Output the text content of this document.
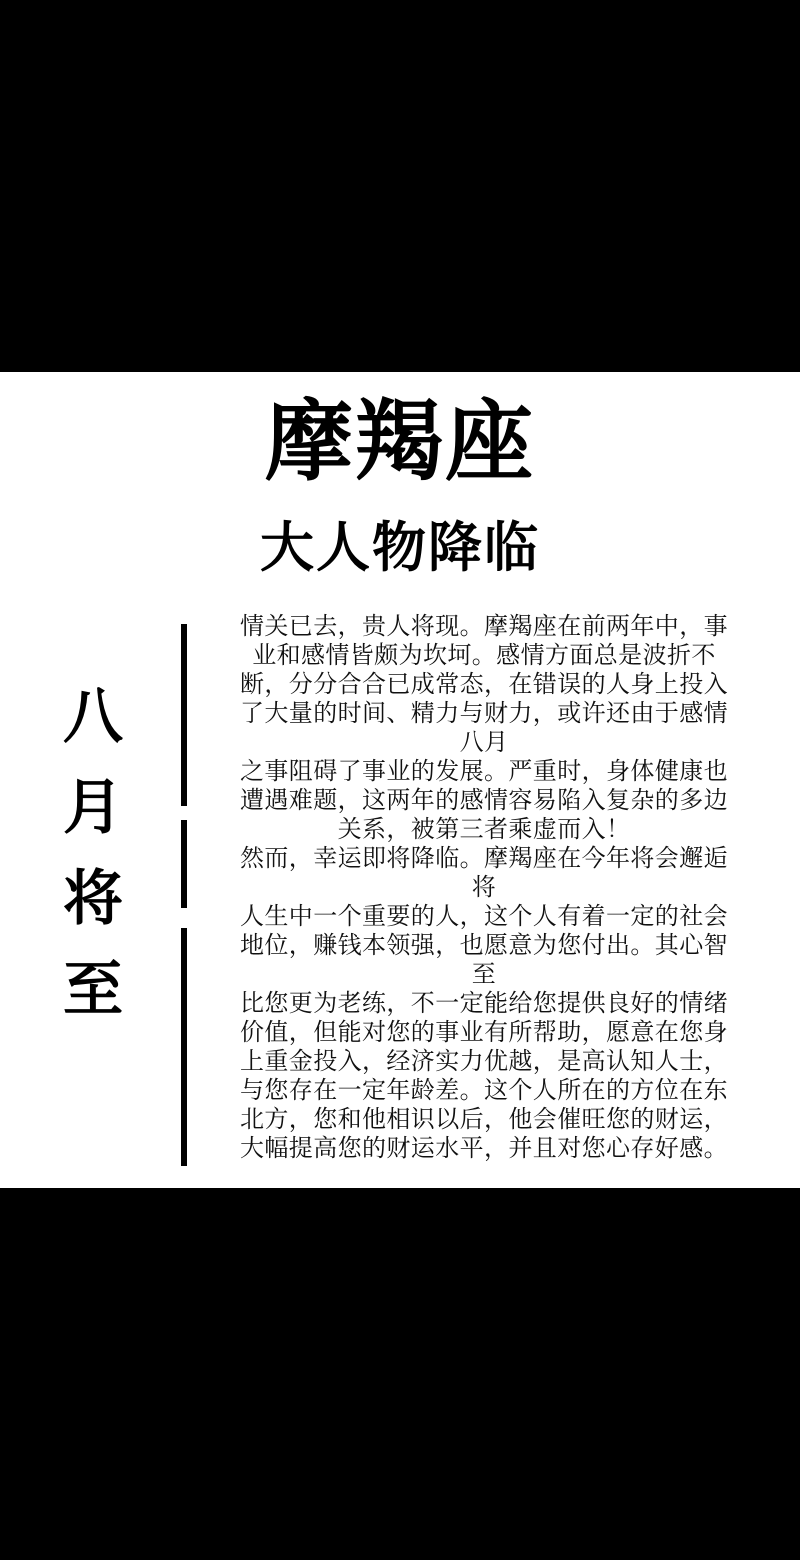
摩羯座
大人物降临
八
月
将
至
情关已去，贵人将现。摩羯座在前两年中，事
业和感情皆颇为坎坷。感情方面总是波折不
断，分分合合已成常态，在错误的人身上投入
了大量的时间、精力与财力，或许还由于感情
八月
之事阻碍了事业的发展。严重时，身体健康也
遭遇难题，这两年的感情容易陷入复杂的多边
关系，被第三者乘虚而入！
然而，幸运即将降临。摩羯座在今年将会邂逅
将
人生中一个重要的人，这个人有着一定的社会
地位，赚钱本领强，也愿意为您付出。其心智
至
比您更为老练，不一定能给您提供良好的情绪
价值，但能对您的事业有所帮助，愿意在您身
上重金投入，经济实力优越，是高认知人士，
与您存在一定年龄差。这个人所在的方位在东
北方，您和他相识以后，他会催旺您的财运，
大幅提高您的财运水平，并且对您心存好感。
